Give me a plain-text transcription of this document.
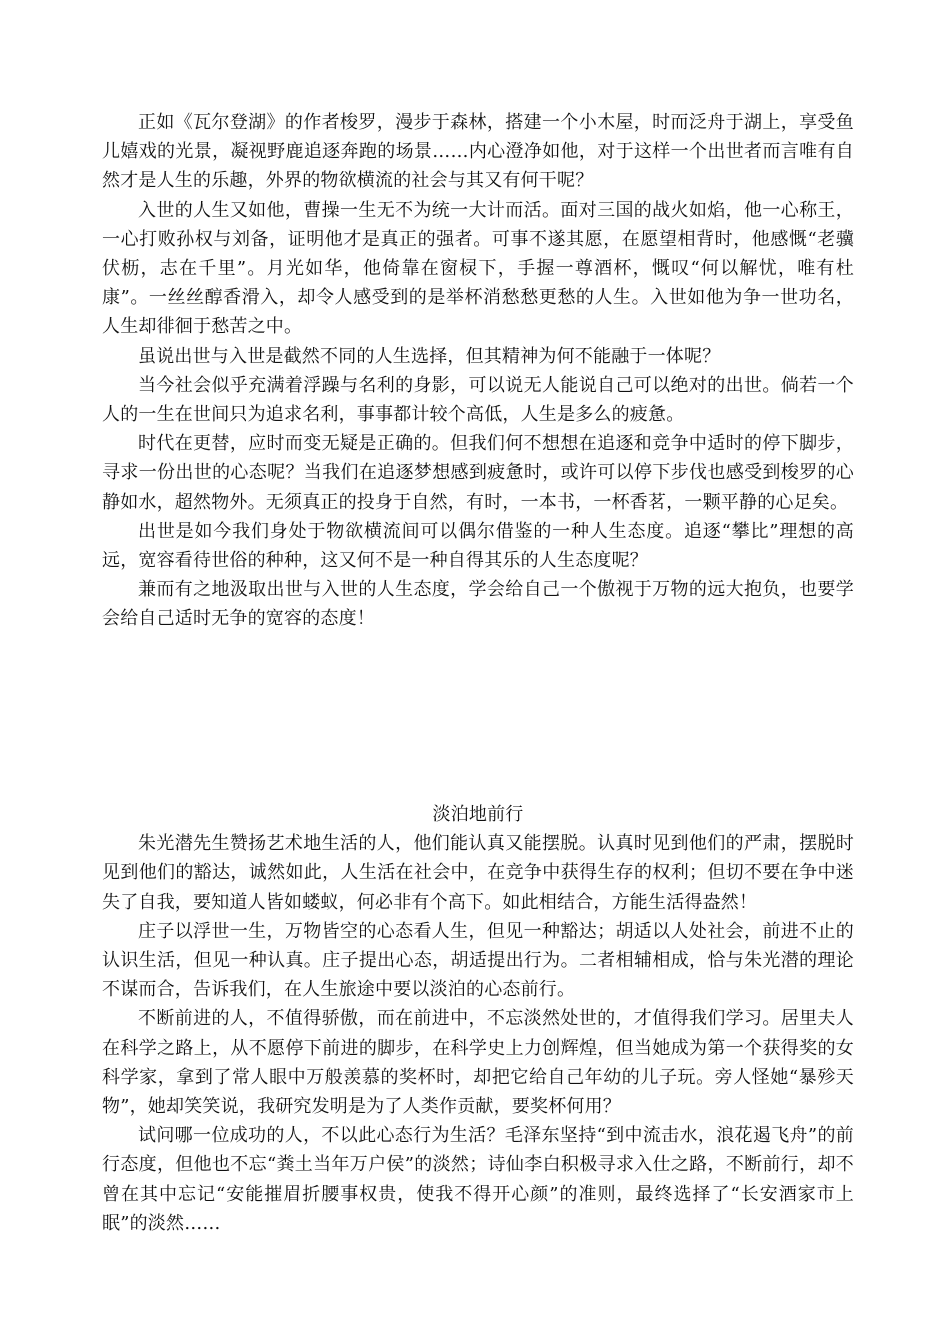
正如《瓦尔登湖》的作者梭罗，漫步于森林，搭建一个小木屋，时而泛舟于湖上，享受鱼儿嬉戏的光景，凝视野鹿追逐奔跑的场景……内心澄净如他，对于这样一个出世者而言唯有自然才是人生的乐趣，外界的物欲横流的社会与其又有何干呢？

入世的人生又如他，曹操一生无不为统一大计而活。面对三国的战火如焰，他一心称王，一心打败孙权与刘备，证明他才是真正的强者。可事不遂其愿，在愿望相背时，他感慨“老骥伏枥，志在千里”。月光如华，他倚靠在窗棂下，手握一尊酒杯，慨叹“何以解忧，唯有杜康”。一丝丝醇香滑入，却令人感受到的是举杯消愁愁更愁的人生。入世如他为争一世功名，人生却徘徊于愁苦之中。

虽说出世与入世是截然不同的人生选择，但其精神为何不能融于一体呢？

当今社会似乎充满着浮躁与名利的身影，可以说无人能说自己可以绝对的出世。倘若一个人的一生在世间只为追求名利，事事都计较个高低，人生是多么的疲惫。

时代在更替，应时而变无疑是正确的。但我们何不想想在追逐和竞争中适时的停下脚步，寻求一份出世的心态呢？当我们在追逐梦想感到疲惫时，或许可以停下步伐也感受到梭罗的心静如水，超然物外。无须真正的投身于自然，有时，一本书，一杯香茗，一颗平静的心足矣。

出世是如今我们身处于物欲横流间可以偶尔借鉴的一种人生态度。追逐“攀比”理想的高远，宽容看待世俗的种种，这又何不是一种自得其乐的人生态度呢？

兼而有之地汲取出世与入世的人生态度，学会给自己一个傲视于万物的远大抱负，也要学会给自己适时无争的宽容的态度！

淡泊地前行

朱光潜先生赞扬艺术地生活的人，他们能认真又能摆脱。认真时见到他们的严肃，摆脱时见到他们的豁达，诚然如此，人生活在社会中，在竞争中获得生存的权利；但切不要在争中迷失了自我，要知道人皆如蝼蚁，何必非有个高下。如此相结合，方能生活得盎然！

庄子以浮世一生，万物皆空的心态看人生，但见一种豁达；胡适以人处社会，前进不止的认识生活，但见一种认真。庄子提出心态，胡适提出行为。二者相辅相成，恰与朱光潜的理论不谋而合，告诉我们，在人生旅途中要以淡泊的心态前行。

不断前进的人，不值得骄傲，而在前进中，不忘淡然处世的，才值得我们学习。居里夫人在科学之路上，从不愿停下前进的脚步，在科学史上力创辉煌，但当她成为第一个获得奖的女科学家，拿到了常人眼中万般羡慕的奖杯时，却把它给自己年幼的儿子玩。旁人怪她“暴殄天物”，她却笑笑说，我研究发明是为了人类作贡献，要奖杯何用？

试问哪一位成功的人，不以此心态行为生活？毛泽东坚持“到中流击水，浪花遏飞舟”的前行态度，但他也不忘“粪土当年万户侯”的淡然；诗仙李白积极寻求入仕之路，不断前行，却不曾在其中忘记“安能摧眉折腰事权贵，使我不得开心颜”的准则，最终选择了“长安酒家市上眠”的淡然……
